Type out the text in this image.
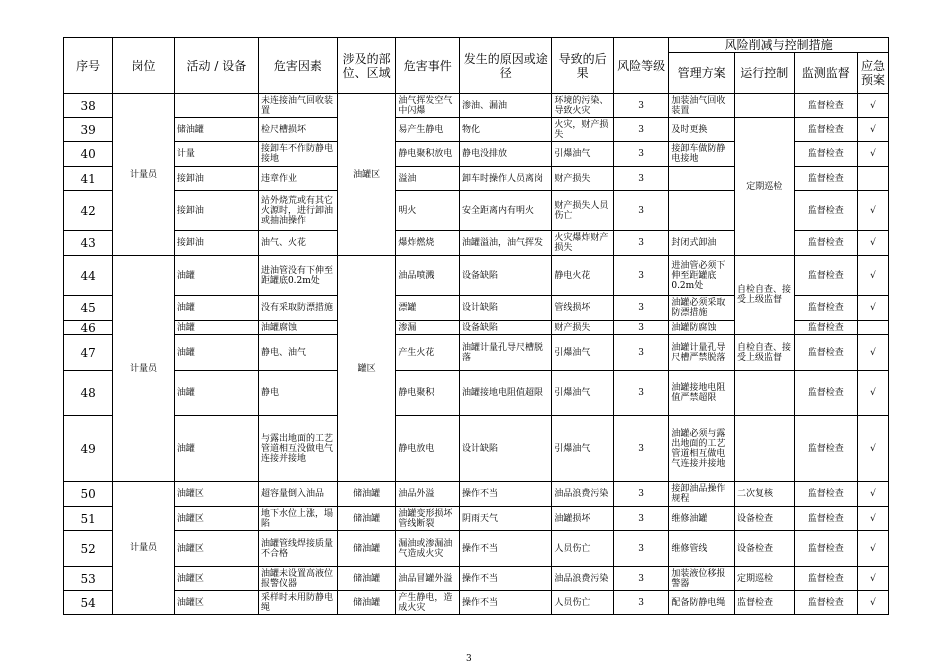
序号	岗位	活动 / 设备	危害因素	涉及的部位、区域	危害事件	发生的原因或途径	导致的后果	风险等级	风险削减与控制措施			
									管理方案	运行控制	监测监督	应急预案
38	计量员		未连接油气回收装置	油罐区	油气挥发空气中闪爆	渗油、漏油	环境的污染、导致火灾	3	加装油气回收装置		监督检查	√
39		储油罐	检尺槽损坏		易产生静电	物化	火灾，财产损失	3	及时更换	定期巡检	监督检查	√
40		计量	接卸车不作防静电接地		静电聚积放电	静电没排放	引爆油气	3	接卸车做防静电接地		监督检查	√
41		接卸油	违章作业		溢油	卸车时操作人员离岗	财产损失	3			监督检查	
42		接卸油	站外烧荒或有其它火源时，进行卸油或抽油操作		明火	安全距离内有明火	财产损失人员伤亡	3			监督检查	√
43		接卸油	油气、火花		爆炸燃烧	油罐溢油，油气挥发	火灾爆炸财产损失	3	封闭式卸油		监督检查	√
44	计量员	油罐	进油管没有下伸至距罐底0.2m处	罐区	油品喷溅	设备缺陷	静电火花	3	进油管必须下伸至距罐底0.2m处	自检自查、接受上级监督	监督检查	√
45		油罐	没有采取防漂措施		漂罐	设计缺陷	管线损坏	3	油罐必须采取防漂措施		监督检查	√
46		油罐	油罐腐蚀		渗漏	设备缺陷	财产损失	3	油罐防腐蚀		监督检查	
47		油罐	静电、油气		产生火花	油罐计量孔导尺槽脱落	引爆油气	3	油罐计量孔导尺槽严禁脱落	自检自查、接受上级监督	监督检查	√
48		油罐	静电		静电聚积	油罐接地电阻值超限	引爆油气	3	油罐接地电阻值严禁超限		监督检查	√
49		油罐	与露出地面的工艺管道相互没做电气连接并接地		静电放电	设计缺陷	引爆油气	3	油罐必须与露出地面的工艺管道相互做电气连接并接地		监督检查	√
50	计量员	油罐区	超容量倒入油品	储油罐	油品外溢	操作不当	油品浪费污染	3	接卸油品操作规程	二次复核	监督检查	√
51		油罐区	地下水位上涨，塌陷	储油罐	油罐变形损坏管线断裂	阴雨天气	油罐损坏	3	维修油罐	设备检查	监督检查	√
52		油罐区	油罐管线焊接质量不合格	储油罐	漏油或渗漏油气造成火灾	操作不当	人员伤亡	3	维修管线	设备检查	监督检查	√
53		油罐区	油罐未设置高液位报警仪器	储油罐	油品冒罐外溢	操作不当	油品浪费污染	3	加装液位移报警器	定期巡检	监督检查	√
54		油罐区	采样时未用防静电绳	储油罐	产生静电，造成火灾	操作不当	人员伤亡	3	配备防静电绳	监督检查	监督检查	√
3
